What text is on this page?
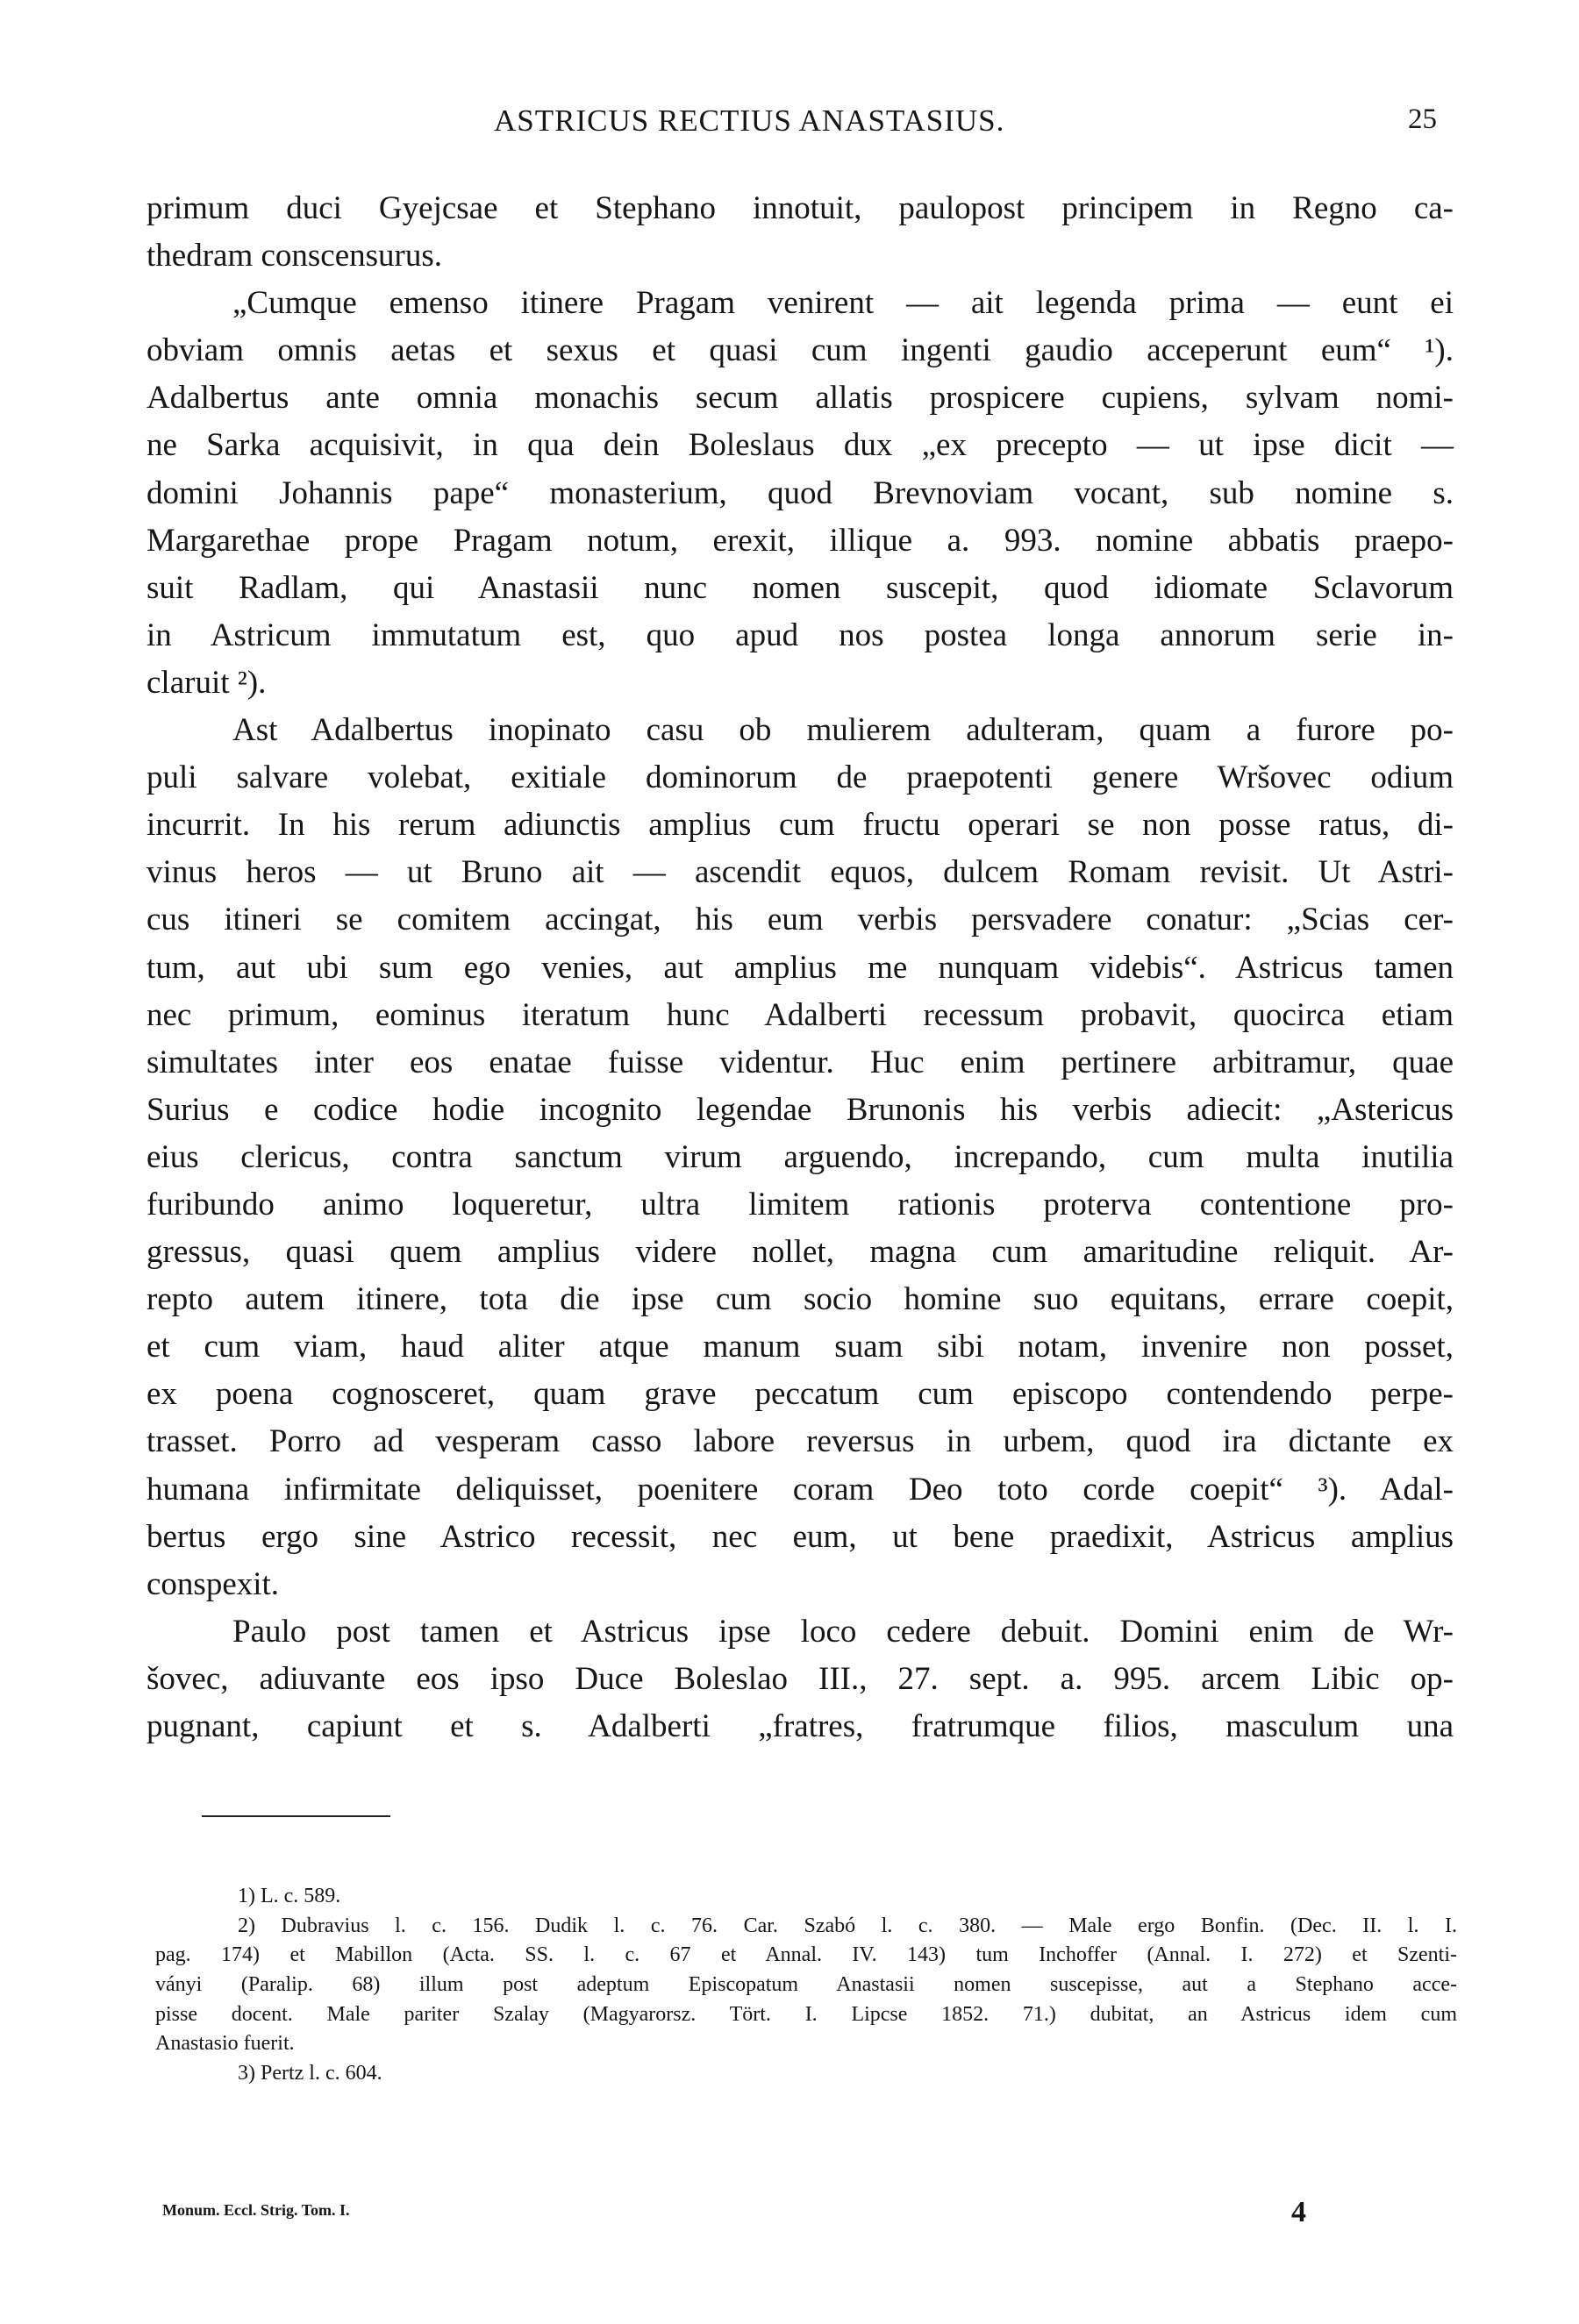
ASTRICUS RECTIUS ANASTASIUS.	25
primum duci Gyejcsae et Stephano innotuit, paulopost principem in Regno ca-
thedram conscensurus.
„Cumque emenso itinere Pragam venirent — ait legenda prima — eunt ei
obviam omnis aetas et sexus et quasi cum ingenti gaudio acceperunt eum“ ¹).
Adalbertus ante omnia monachis secum allatis prospicere cupiens, sylvam nomi-
ne Sarka acquisivit, in qua dein Boleslaus dux „ex precepto — ut ipse dicit —
domini Johannis pape“ monasterium, quod Brevnoviam vocant, sub nomine s.
Margarethae prope Pragam notum, erexit, illique a. 993. nomine abbatis praepo-
suit Radlam, qui Anastasii nunc nomen suscepit, quod idiomate Sclavorum
in Astricum immutatum est, quo apud nos postea longa annorum serie in-
claruit ²).
Ast Adalbertus inopinato casu ob mulierem adulteram, quam a furore po-
puli salvare volebat, exitiale dominorum de praepotenti genere Wršovec odium
incurrit. In his rerum adiunctis amplius cum fructu operari se non posse ratus, di-
vinus heros — ut Bruno ait — ascendit equos, dulcem Romam revisit. Ut Astri-
cus itineri se comitem accingat, his eum verbis persvadere conatur: „Scias cer-
tum, aut ubi sum ego venies, aut amplius me nunquam videbis“. Astricus tamen
nec primum, eominus iteratum hunc Adalberti recessum probavit, quocirca etiam
simultates inter eos enatae fuisse videntur. Huc enim pertinere arbitramur, quae
Surius e codice hodie incognito legendae Brunonis his verbis adiecit: „Astericus
eius clericus, contra sanctum virum arguendo, increpando, cum multa inutilia
furibundo animo loqueretur, ultra limitem rationis proterva contentione pro-
gressus, quasi quem amplius videre nollet, magna cum amaritudine reliquit. Ar-
repto autem itinere, tota die ipse cum socio homine suo equitans, errare coepit,
et cum viam, haud aliter atque manum suam sibi notam, invenire non posset,
ex poena cognosceret, quam grave peccatum cum episcopo contendendo perpe-
trasset. Porro ad vesperam casso labore reversus in urbem, quod ira dictante ex
humana infirmitate deliquisset, poenitere coram Deo toto corde coepit“ ³). Adal-
bertus ergo sine Astrico recessit, nec eum, ut bene praedixit, Astricus amplius
conspexit.
Paulo post tamen et Astricus ipse loco cedere debuit. Domini enim de Wr-
šovec, adiuvante eos ipso Duce Boleslao III., 27. sept. a. 995. arcem Libic op-
pugnant, capiunt et s. Adalberti „fratres, fratrumque filios, masculum una
1) L. c. 589.
2) Dubravius l. c. 156. Dudik l. c. 76. Car. Szabó l. c. 380. — Male ergo Bonfin. (Dec. II. l. I.
pag. 174) et Mabillon (Acta. SS. l. c. 67 et Annal. IV. 143) tum Inchoffer (Annal. I. 272) et Szenti-
ványi (Paralip. 68) illum post adeptum Episcopatum Anastasii nomen suscepisse, aut a Stephano acce-
pisse docent. Male pariter Szalay (Magyarorsz. Tört. I. Lipcse 1852. 71.) dubitat, an Astricus idem cum
Anastasio fuerit.
3) Pertz l. c. 604.
Monum. Eccl. Strig. Tom. I.	4
